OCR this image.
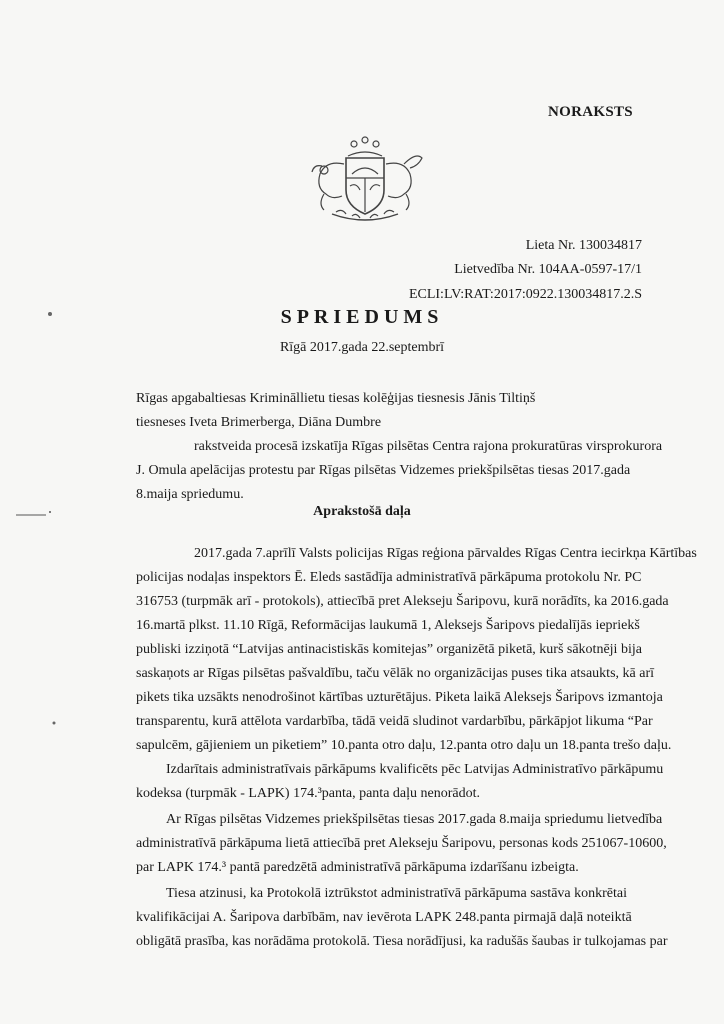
NORAKSTS
Lieta Nr. 130034817
Lietvedība Nr. 104AA-0597-17/1
ECLI:LV:RAT:2017:0922.130034817.2.S
SPRIEDUMS
Rīgā 2017.gada 22.septembrī
Rīgas apgabaltiesas Krimināllietu tiesas kolēģijas tiesnesis Jānis Tiltiņš
tiesneses Iveta Brimerberga, Diāna Dumbre
rakstveida procesā izskatīja Rīgas pilsētas Centra rajona prokuratūras virsprokurora
J. Omula apelācijas protestu par Rīgas pilsētas Vidzemes priekšpilsētas tiesas 2017.gada
8.maija spriedumu.
Aprakstošā daļa
2017.gada 7.aprīlī Valsts policijas Rīgas reģiona pārvaldes Rīgas Centra iecirkņa Kārtības
policijas nodaļas inspektors Ē. Eleds sastādīja administratīvā pārkāpuma protokolu Nr. PC
316753 (turpmāk arī - protokols), attiecībā pret Alekseju Šaripovu, kurā norādīts, ka 2016.gada
16.martā plkst. 11.10 Rīgā, Reformācijas laukumā 1, Aleksejs Šaripovs piedalījās iepriekš
publiski izziņotā “Latvijas antinacistiskās komitejas” organizētā piketā, kurš sākotnēji bija
saskaņots ar Rīgas pilsētas pašvaldību, taču vēlāk no organizācijas puses tika atsaukts, kā arī
pikets tika uzsākts nenodrošinot kārtības uzturētājus. Piketa laikā Aleksejs Šaripovs izmantoja
transparentu, kurā attēlota vardarbība, tādā veidā sludinot vardarbību, pārkāpjot likuma “Par
sapulcēm, gājieniem un piketiem” 10.panta otro daļu, 12.panta otro daļu un 18.panta trešo daļu.
Izdarītais administratīvais pārkāpums kvalificēts pēc Latvijas Administratīvo pārkāpumu
kodeksa (turpmāk - LAPK) 174.³panta, panta daļu nenorādot.
Ar Rīgas pilsētas Vidzemes priekšpilsētas tiesas 2017.gada 8.maija spriedumu lietvedība
administratīvā pārkāpuma lietā attiecībā pret Alekseju Šaripovu, personas kods 251067-10600,
par LAPK 174.³ pantā paredzētā administratīvā pārkāpuma izdarīšanu izbeigta.
Tiesa atzinusi, ka Protokolā iztrūkstot administratīvā pārkāpuma sastāva konkrētai
kvalifikācijai A. Šaripova darbībām, nav ievērota LAPK 248.panta pirmajā daļā noteiktā
obligātā prasība, kas norādāma protokolā. Tiesa norādījusi, ka radušās šaubas ir tulkojamas par
